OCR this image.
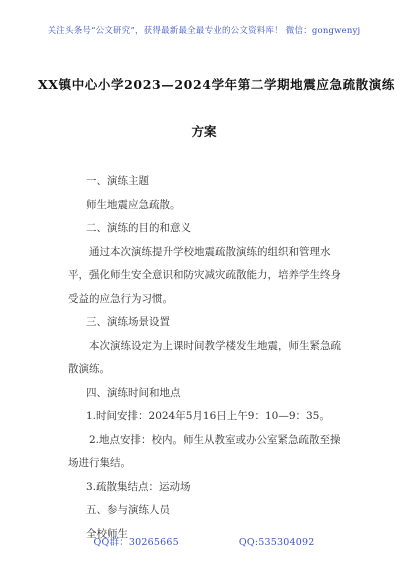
关注头条号“公文研究”，获得最新最全最专业的公文资料库！ 微信：gongwenyj
XX镇中心小学2023—2024学年第二学期地震应急疏散演练
方案
一、演练主题
师生地震应急疏散。
二、演练的目的和意义
通过本次演练提升学校地震疏散演练的组织和管理水平，强化师生安全意识和防灾减灾疏散能力，培养学生终身受益的应急行为习惯。
三、演练场景设置
本次演练设定为上课时间教学楼发生地震，师生紧急疏散演练。
四、演练时间和地点
1.时间安排：2024年5月16日上午9：10—9：35。
2.地点安排：校内。师生从教室或办公室紧急疏散至操场进行集结。
3.疏散集结点：运动场
五、参与演练人员
全校师生
QQ群：30265665	QQ:535304092
